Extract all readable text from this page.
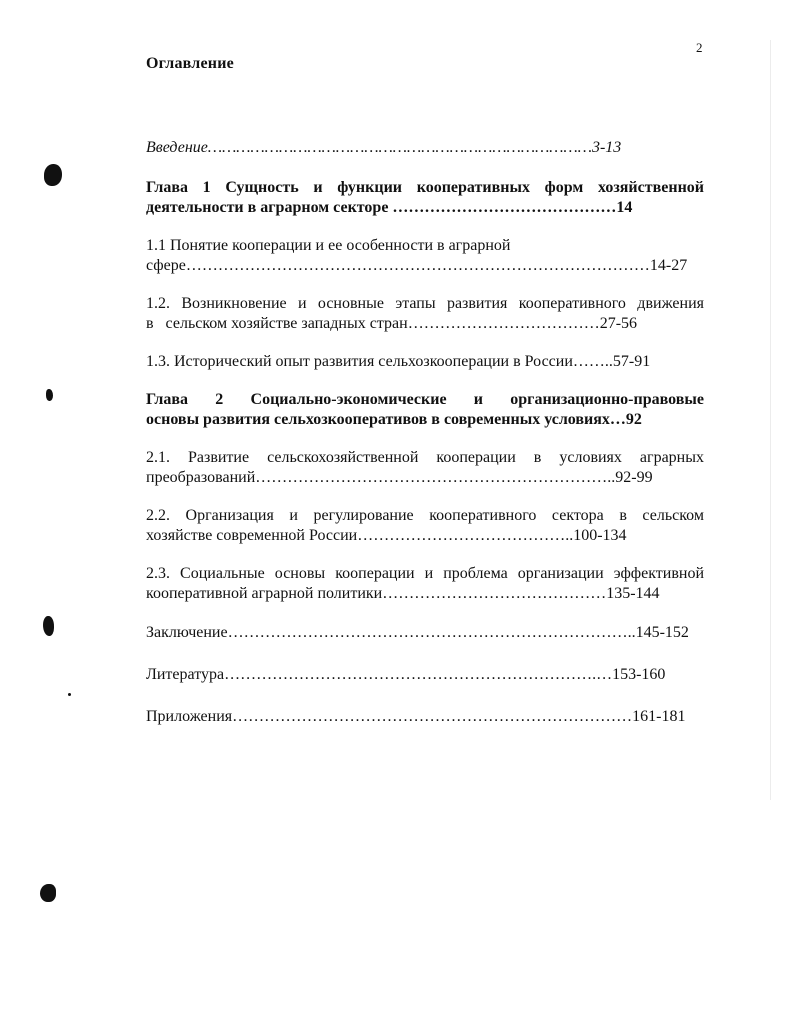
2
Оглавление
Введение………………………………………………………………………3-13
Глава 1 Сущность и функции кооперативных форм хозяйственной
деятельности в аграрном секторе ……………………………………14
1.1 Понятие кооперации и ее особенности в аграрной
сфере……………………………………………………………………………14-27
1.2. Возникновение и основные этапы развития кооперативного движения
в   сельском хозяйстве западных стран………………………………27-56
1.3. Исторический опыт развития сельхозкооперации в России……..57-91
Глава 2 Социально-экономические и организационно-правовые
основы развития сельхозкооперативов в современных условиях…92
2.1. Развитие сельскохозяйственной кооперации в условиях аграрных
преобразований…………………………………………………………..92-99
2.2. Организация и регулирование кооперативного сектора в сельском
хозяйстве современной России…………………………………..100-134
2.3. Социальные основы кооперации и проблема организации эффективной
кооперативной аграрной политики……………………………………135-144
Заключение…………………………………………………………………..145-152
Литература…………………………………………………………….…153-160
Приложения…………………………………………………………………161-181
